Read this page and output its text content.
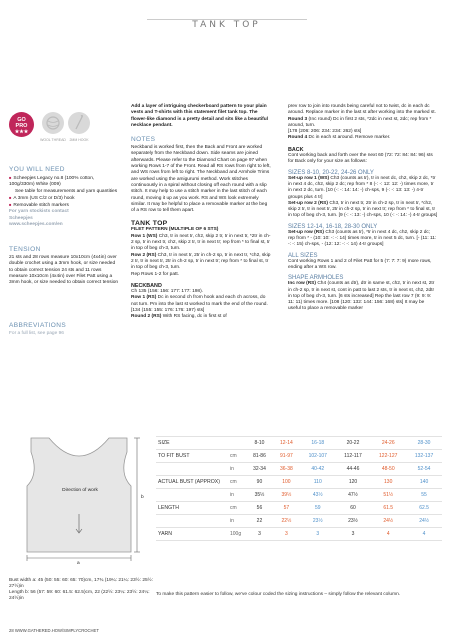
TANK TOP
GO
PRO
★★★
WOOL THREAD	2MM HOOK
YOU WILL NEED
■ Scheepjes Legacy no.8 (100% cotton, 100g/330m) White (009)
See table for measurements and yarn quantities
■ A 3mm (US C/2 or D/3) hook
■ Removable stitch markers
For yarn stockists contact
Scheepjes
www.scheepjes.com/en
TENSION
21 sts and 28 rows measure 10x10cm (4x4in) over double crochet using a 3mm hook, or size needed to obtain correct tension 24 sts and 11 rows measure 10x10cm (4x4in) over Filet Patt using a 3mm hook, or size needed to obtain correct tension
ABBREVIATIONS
For a full list, see page 96
Add a layer of intriguing checkerboard pattern to your plain vests and T-shirts with this statement filet tank top. The flower-like diamond is a pretty detail and sits like a beautiful necklace pendant.
NOTES
Neckband is worked first, then the Back and Front are worked separately from the Neckband down. Side seams are joined afterwards. Please refer to the Diamond Chart on page 97 when working Rows 1-7 of the Front. Read all RS rows from right to left, and WS rows from left to right. The Neckband and Armhole Trims are worked using the amigurumi method. Work stitches continuously in a spiral without closing off each round with a slip stitch. It may help to use a stitch marker in the last stitch of each round, moving it up as you work. RS and WS look extremely similar. It may be helpful to place a removable marker at the beg of a RS row to tell them apart.
TANK TOP
FILET PATTERN (MULTIPLE OF 6 STS)
Row 1 (WS) Ch3, tr in next tr, ch2, skip 2 tr, tr in next tr, *2tr in ch-2 sp, tr in next tr, ch2, skip 2 tr, tr in next tr; rep from * to final st, tr in top of beg ch-3, turn.
Row 2 (RS) Ch3, tr in next tr, 2tr in ch-2 sp, tr in next tr, *ch2, skip 2 tr, tr in next tr, 2tr in ch-2 sp, tr in next tr; rep from * to final st, tr in top of beg ch-3, turn.
Rep Rows 1-2 for patt.
NECKBAND
Ch 135 (156: 156: 177: 177: 198).
Row 1 (RS) Dc in second ch from hook and each ch across, do not turn. Pm into the last st worked to mark the end of the round.
[134 (155: 155: 176: 176: 197) sts]
Round 2 (RS) With RS facing, dc in first st of
prev row to join into rounds being careful not to twist, dc in each dc around. Replace marker in the last st after working into the marked st.
Round 3 (Inc round) Dc in first 2 sts, *2dc in next st, 2dc; rep from * around, turn.
[178 (206: 206: 234: 234: 262) sts]
Round 4 Dc in each st around. Remove marker.
BACK
Cont working back and forth over the next 60 (72: 72: 84: 84: 96) sts for Back only for your size as follows:
SIZES 8-10, 20-22, 24-26 ONLY
Set-up row 1 (WS) Ch3 (counts as tr), tr in next dc, ch2, skip 2 dc, *tr in next 4 dc, ch2, skip 2 dc; rep from * 8 (-: -: 12: 12: -) times more, tr in next 2 dc, turn. [10 (-: -: 14: 14: -) ch-sps, 9 (-: -: 13: 13: -) 4-tr groups plus 4 tr]
Set-up row 2 (RS) Ch3, tr in next tr, 2tr in ch-2 sp, tr in next tr, *ch2, skip 2 tr, tr in next tr, 2tr in ch-2 sp, tr in next tr; rep from * to final st, tr in top of beg ch-3, turn. [9 (-: -: 13: -) ch-sps, 10 (-: -: 14: -) 4-tr groups]
SIZES 12-14, 16-18, 28-30 ONLY
Set-up row (RS) Ch3 (counts as tr), *tr in next 4 dc, ch2, skip 2 dc; rep from * - (10: 10: -: -: 14) times more, tr in next 5 dc, turn. [- (11: 11: -: -: 15) ch-sps, - (12: 12: -: -: 14) 4-tr groups]
ALL SIZES
Cont working Rows 1 and 2 of Filet Patt for 5 (7: 7: 7: 9) more rows, ending after a WS row.
SHAPE ARMHOLES
Inc row (RS) Ch4 (counts as dtr), dtr in same st, ch2, tr in next st, 2tr in ch-2 sp, tr in next st, cont in patt to last 2 sts, tr in next st, ch2, 2dtr in top of beg ch-3, turn. [6 sts increased] Rep the last row 7 (9: 9: 9: 11: 11) times more. [108 (120: 132: 144: 156: 168) sts] It may be useful to place a removable marker
Direction of work
a
b
SIZE		8-10	12-14	16-18	20-22	24-26	28-30
TO FIT BUST	cm	81-86	91-97	102-107	112-117	122-127	132-137
	in	32-34	36-38	40-42	44-46	48-50	52-54
ACTUAL BUST (APPROX)	cm	90	100	110	120	130	140
	in	35½	39½	43½	47½	51½	55
LENGTH	cm	56	57	59	60	61.5	62.5
	in	22	22½	23½	23½	24½	24½
YARN	100g	3	3	3	3	4	4
Bust width a: 45 (50: 55: 60: 65: 70)cm, 17¾ (19¼: 21¼: 23½: 25½: 27½)in
Length b: 56 (57: 59: 60: 61.5: 62.5)cm, 22 (22½: 23¼: 23½: 24¼: 24½)in
To make this pattern easier to follow, we've colour coded the sizing instructions – simply follow the relevant column.
28 WWW.GATHERED.HOW/SIMPLYCROCHET
